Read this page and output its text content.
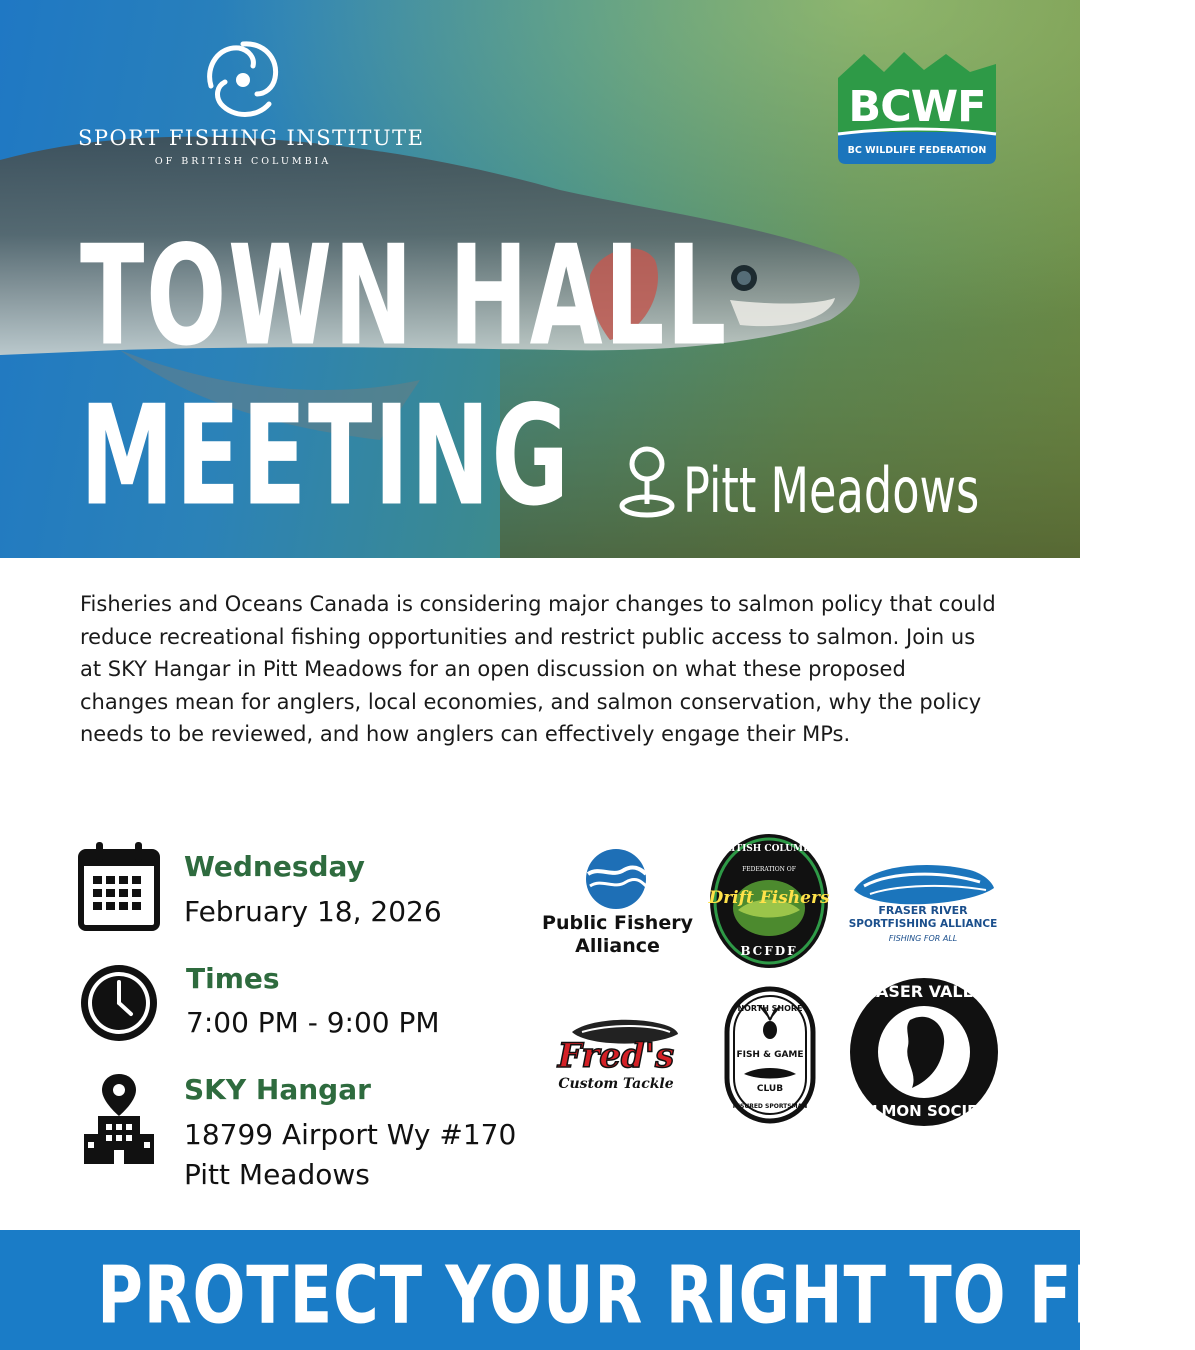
SPORT FISHING INSTITUTE
OF BRITISH COLUMBIA
BCWF
BC WILDLIFE FEDERATION
TOWN HALL
MEETING Pitt Meadows
Fisheries and Oceans Canada is considering major changes to salmon policy that could reduce recreational fishing opportunities and restrict public access to salmon. Join us at SKY Hangar in Pitt Meadows for an open discussion on what these proposed changes mean for anglers, local economies, and salmon conservation, why the policy needs to be reviewed, and how anglers can effectively engage their MPs.
Wednesday
February 18, 2026
Times
7:00 PM - 9:00 PM
SKY Hangar
18799 Airport Wy #170
Pitt Meadows
Public Fishery
Alliance
BRITISH COLUMBIA
FEDERATION OF
Drift Fishers
BCFDF
FRASER RIVER
SPORTFISHING ALLIANCE
FISHING FOR ALL
Fred's
Custom Tackle
NORTH SHORE
FISH & GAME
CLUB
INSURED SPORTSMAN
FRASER VALLEY
SALMON SOCIETY
PROTECT YOUR RIGHT TO FISH
